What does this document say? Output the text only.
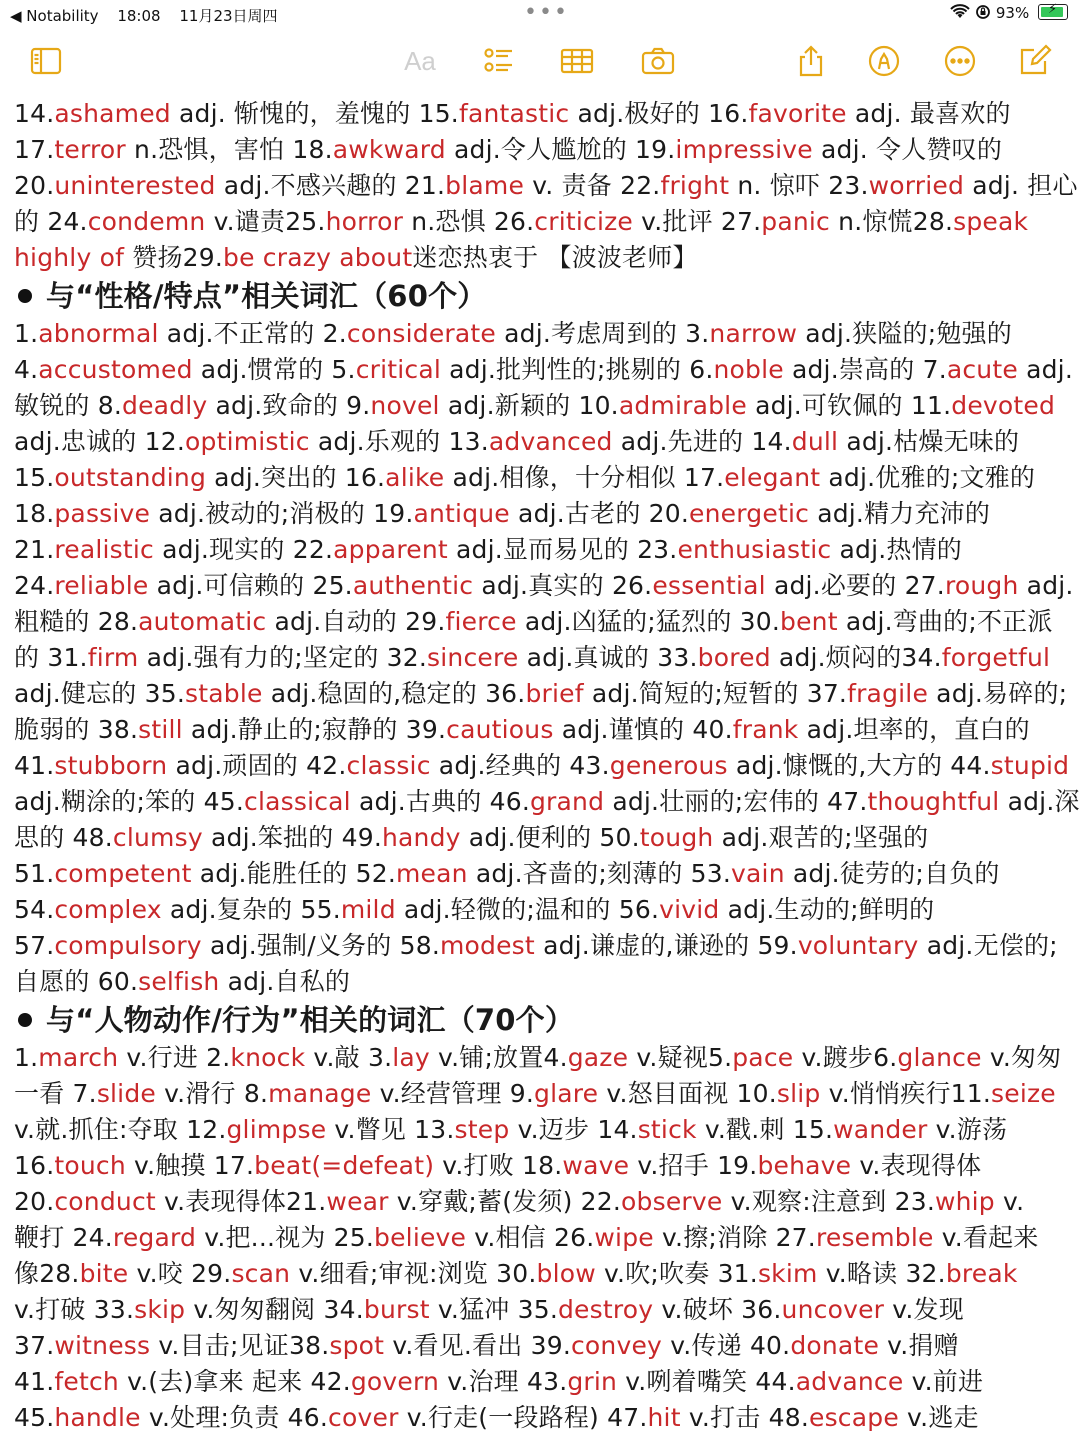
◀ Notability 18:08 11月23日周四	•••	93% ⚡
Aa

14.ashamed adj. 惭愧的，羞愧的 15.fantastic adj.极好的 16.favorite adj. 最喜欢的

17.terror n.恐惧，害怕 18.awkward adj.令人尴尬的 19.impressive adj. 令人赞叹的

20.uninterested adj.不感兴趣的 21.blame v. 责备 22.fright n. 惊吓 23.worried adj. 担心

的 24.condemn v.谴责25.horror n.恐惧 26.criticize v.批评 27.panic n.惊慌28.speak

highly of 赞扬29.be crazy about迷恋热衷于 【波波老师】

与“性格/特点”相关词汇（60个）

1.abnormal adj.不正常的 2.considerate adj.考虑周到的 3.narrow adj.狭隘的;勉强的

4.accustomed adj.惯常的 5.critical adj.批判性的;挑剔的 6.noble adj.崇高的 7.acute adj.

敏锐的 8.deadly adj.致命的 9.novel adj.新颖的 10.admirable adj.可钦佩的 11.devoted

adj.忠诚的 12.optimistic adj.乐观的 13.advanced adj.先进的 14.dull adj.枯燥无味的

15.outstanding adj.突出的 16.alike adj.相像，十分相似 17.elegant adj.优雅的;文雅的

18.passive adj.被动的;消极的 19.antique adj.古老的 20.energetic adj.精力充沛的

21.realistic adj.现实的 22.apparent adj.显而易见的 23.enthusiastic adj.热情的

24.reliable adj.可信赖的 25.authentic adj.真实的 26.essential adj.必要的 27.rough adj.

粗糙的 28.automatic adj.自动的 29.fierce adj.凶猛的;猛烈的 30.bent adj.弯曲的;不正派

的 31.firm adj.强有力的;坚定的 32.sincere adj.真诚的 33.bored adj.烦闷的34.forgetful

adj.健忘的 35.stable adj.稳固的,稳定的 36.brief adj.简短的;短暂的 37.fragile adj.易碎的;

脆弱的 38.still adj.静止的;寂静的 39.cautious adj.谨慎的 40.frank adj.坦率的，直白的

41.stubborn adj.顽固的 42.classic adj.经典的 43.generous adj.慷慨的,大方的 44.stupid

adj.糊涂的;笨的 45.classical adj.古典的 46.grand adj.壮丽的;宏伟的 47.thoughtful adj.深

思的 48.clumsy adj.笨拙的 49.handy adj.便利的 50.tough adj.艰苦的;坚强的

51.competent adj.能胜任的 52.mean adj.吝啬的;刻薄的 53.vain adj.徒劳的;自负的

54.complex adj.复杂的 55.mild adj.轻微的;温和的 56.vivid adj.生动的;鲜明的

57.compulsory adj.强制/义务的 58.modest adj.谦虚的,谦逊的 59.voluntary adj.无偿的;

自愿的 60.selfish adj.自私的

与“人物动作/行为”相关的词汇（70个）

1.march v.行进 2.knock v.敲 3.lay v.铺;放置4.gaze v.疑视5.pace v.踱步6.glance v.匆匆

一看 7.slide v.滑行 8.manage v.经营管理 9.glare v.怒目面视 10.slip v.悄悄疾行11.seize

v.就.抓住:夺取 12.glimpse v.瞥见 13.step v.迈步 14.stick v.戳.刺 15.wander v.游荡

16.touch v.触摸 17.beat(=defeat) v.打败 18.wave v.招手 19.behave v.表现得体

20.conduct v.表现得体21.wear v.穿戴;蓄(发须) 22.observe v.观察:注意到 23.whip v.

鞭打 24.regard v.把...视为 25.believe v.相信 26.wipe v.擦;消除 27.resemble v.看起来

像28.bite v.咬 29.scan v.细看;审视:浏览 30.blow v.吹;吹奏 31.skim v.略读 32.break

v.打破 33.skip v.匆匆翻阅 34.burst v.猛冲 35.destroy v.破坏 36.uncover v.发现

37.witness v.目击;见证38.spot v.看见.看出 39.convey v.传递 40.donate v.捐赠

41.fetch v.(去)拿来 起来 42.govern v.治理 43.grin v.咧着嘴笑 44.advance v.前进

45.handle v.处理:负责 46.cover v.行走(一段路程) 47.hit v.打击 48.escape v.逃走
